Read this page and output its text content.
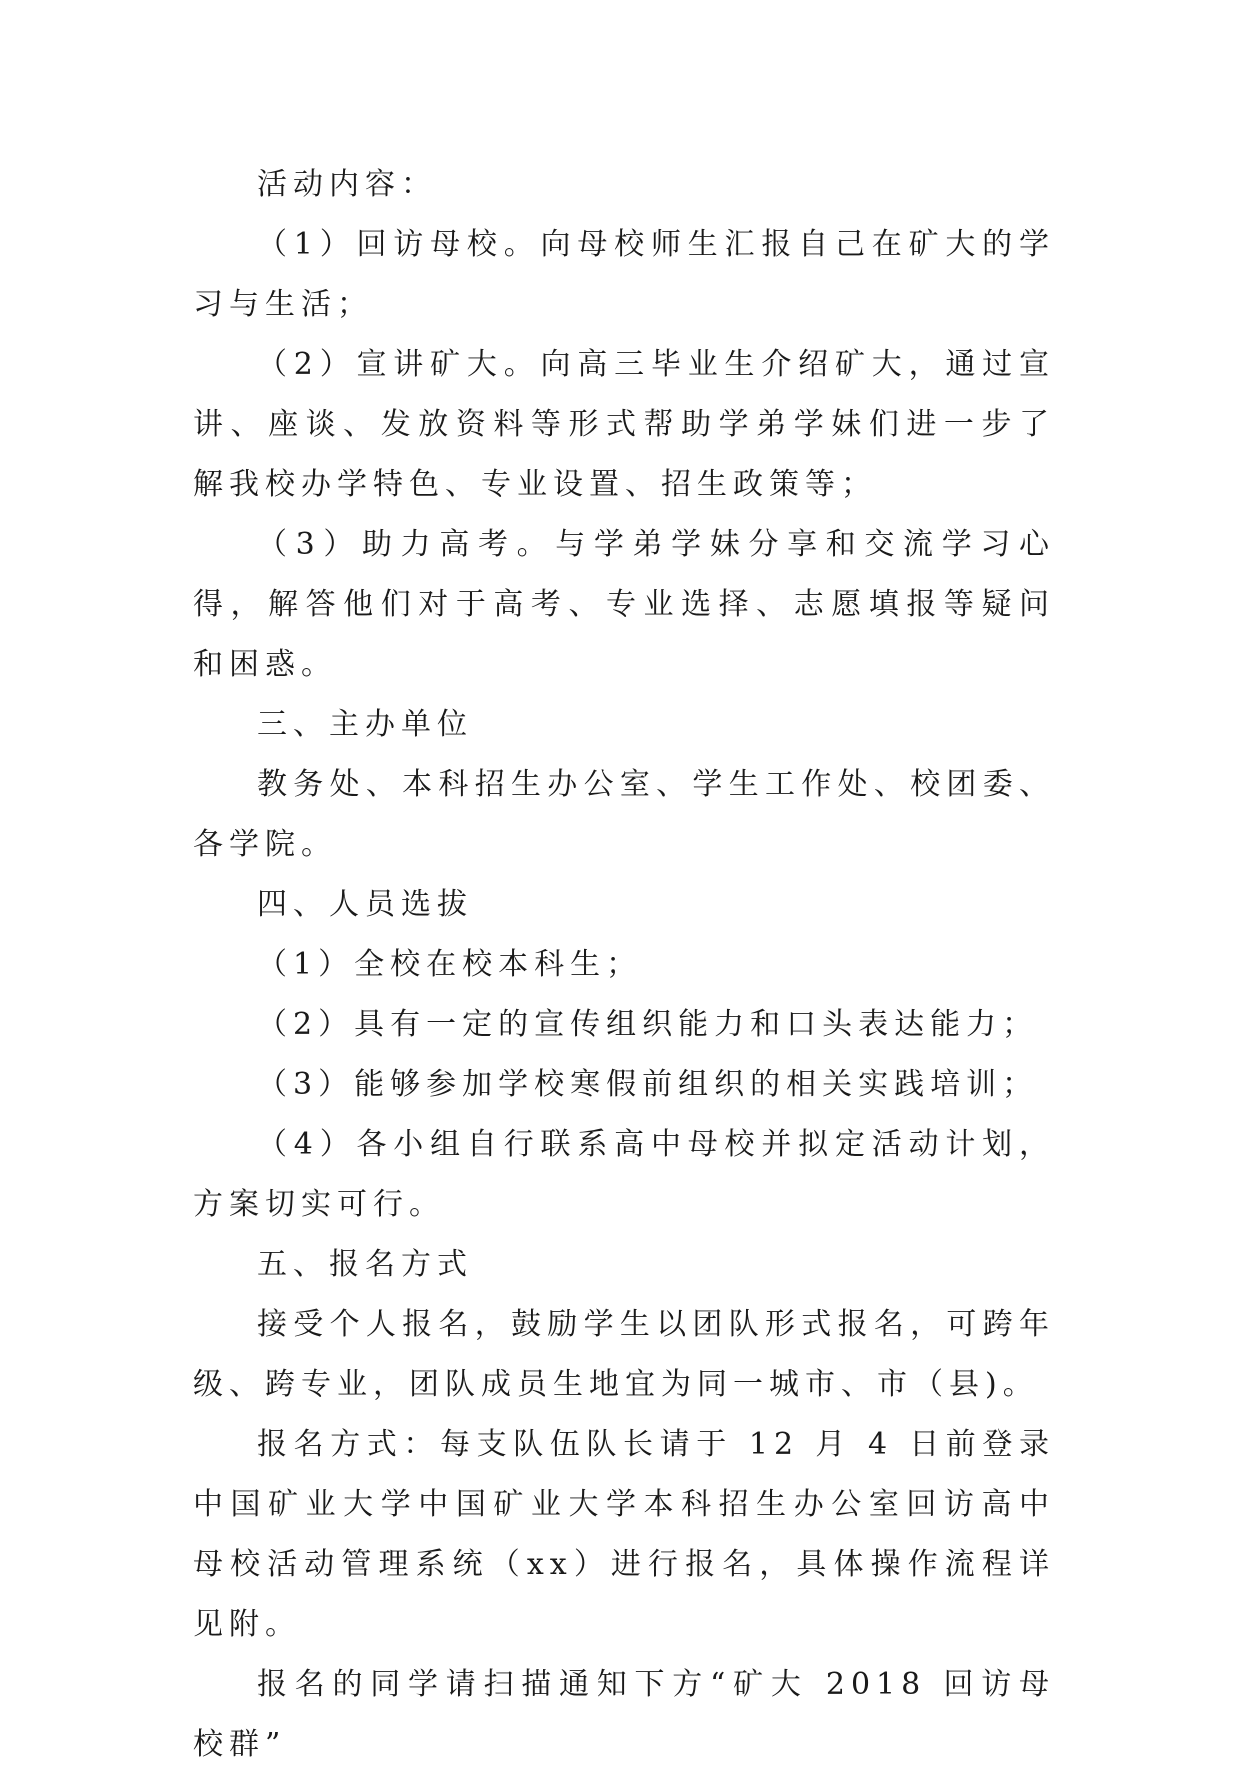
活动内容：

（1）回访母校。向母校师生汇报自己在矿大的学习与生活；

（2）宣讲矿大。向高三毕业生介绍矿大，通过宣讲、座谈、发放资料等形式帮助学弟学妹们进一步了解我校办学特色、专业设置、招生政策等；

（3）助力高考。与学弟学妹分享和交流学习心得，解答他们对于高考、专业选择、志愿填报等疑问和困惑。

三、主办单位

教务处、本科招生办公室、学生工作处、校团委、各学院。

四、人员选拔

（1）全校在校本科生；

（2）具有一定的宣传组织能力和口头表达能力；

（3）能够参加学校寒假前组织的相关实践培训；

（4）各小组自行联系高中母校并拟定活动计划，方案切实可行。

五、报名方式

接受个人报名，鼓励学生以团队形式报名，可跨年级、跨专业，团队成员生地宜为同一城市、市（县)。

报名方式：每支队伍队长请于 12 月 4 日前登录中国矿业大学中国矿业大学本科招生办公室回访高中母校活动管理系统（xx）进行报名，具体操作流程详见附。

报名的同学请扫描通知下方“矿大 2018 回访母校群”
